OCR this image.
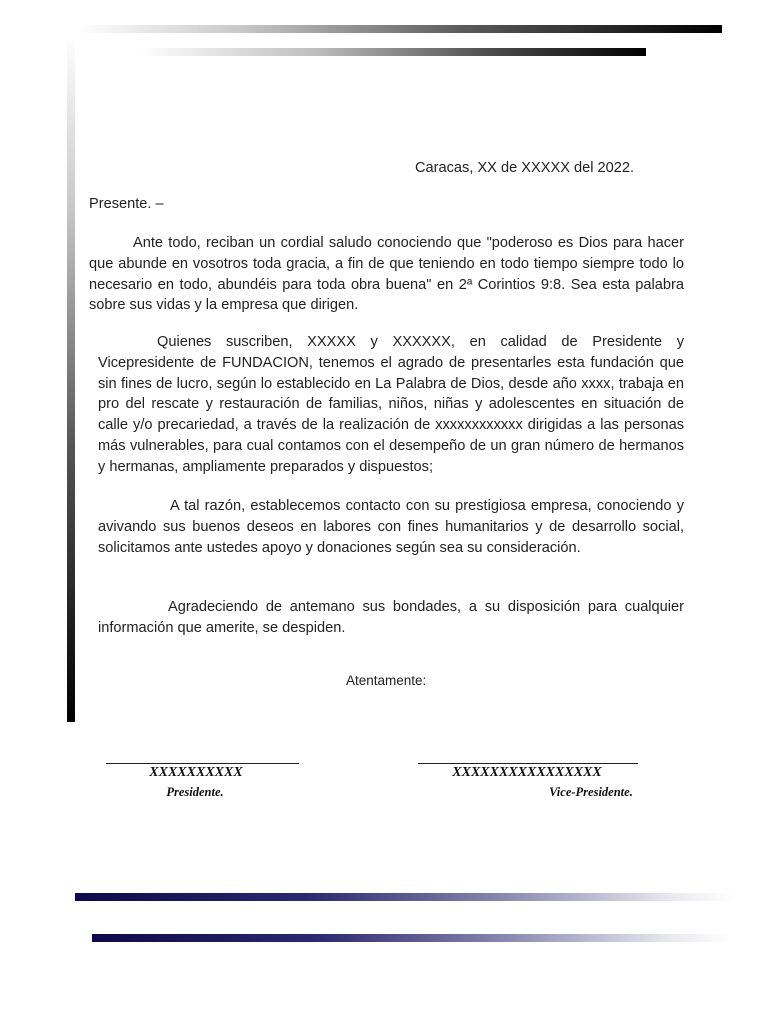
Caracas, XX de XXXXX del 2022.
Presente. –
Ante todo, reciban un cordial saludo conociendo que "poderoso es Dios para hacer que abunde en vosotros toda gracia, a fin de que teniendo en todo tiempo siempre todo lo necesario en todo, abundéis para toda obra buena" en 2ª Corintios 9:8. Sea esta palabra sobre sus vidas y la empresa que dirigen.
Quienes suscriben, XXXXX y XXXXXX, en calidad de Presidente y Vicepresidente de FUNDACION, tenemos el agrado de presentarles esta fundación que sin fines de lucro, según lo establecido en La Palabra de Dios, desde año xxxx, trabaja en pro del rescate y restauración de familias, niños, niñas y adolescentes en situación de calle y/o precariedad, a través de la realización de xxxxxxxxxxxx dirigidas a las personas más vulnerables, para cual contamos con el desempeño de un gran número de hermanos y hermanas, ampliamente preparados y dispuestos;
A tal razón, establecemos contacto con su prestigiosa empresa, conociendo y avivando sus buenos deseos en labores con fines humanitarios y de desarrollo social, solicitamos ante ustedes apoyo y donaciones según sea su consideración.
Agradeciendo de antemano sus bondades, a su disposición para cualquier información que amerite, se despiden.
Atentamente:
XXXXXXXXXX
Presidente.
XXXXXXXXXXXXXXXX
Vice-Presidente.
